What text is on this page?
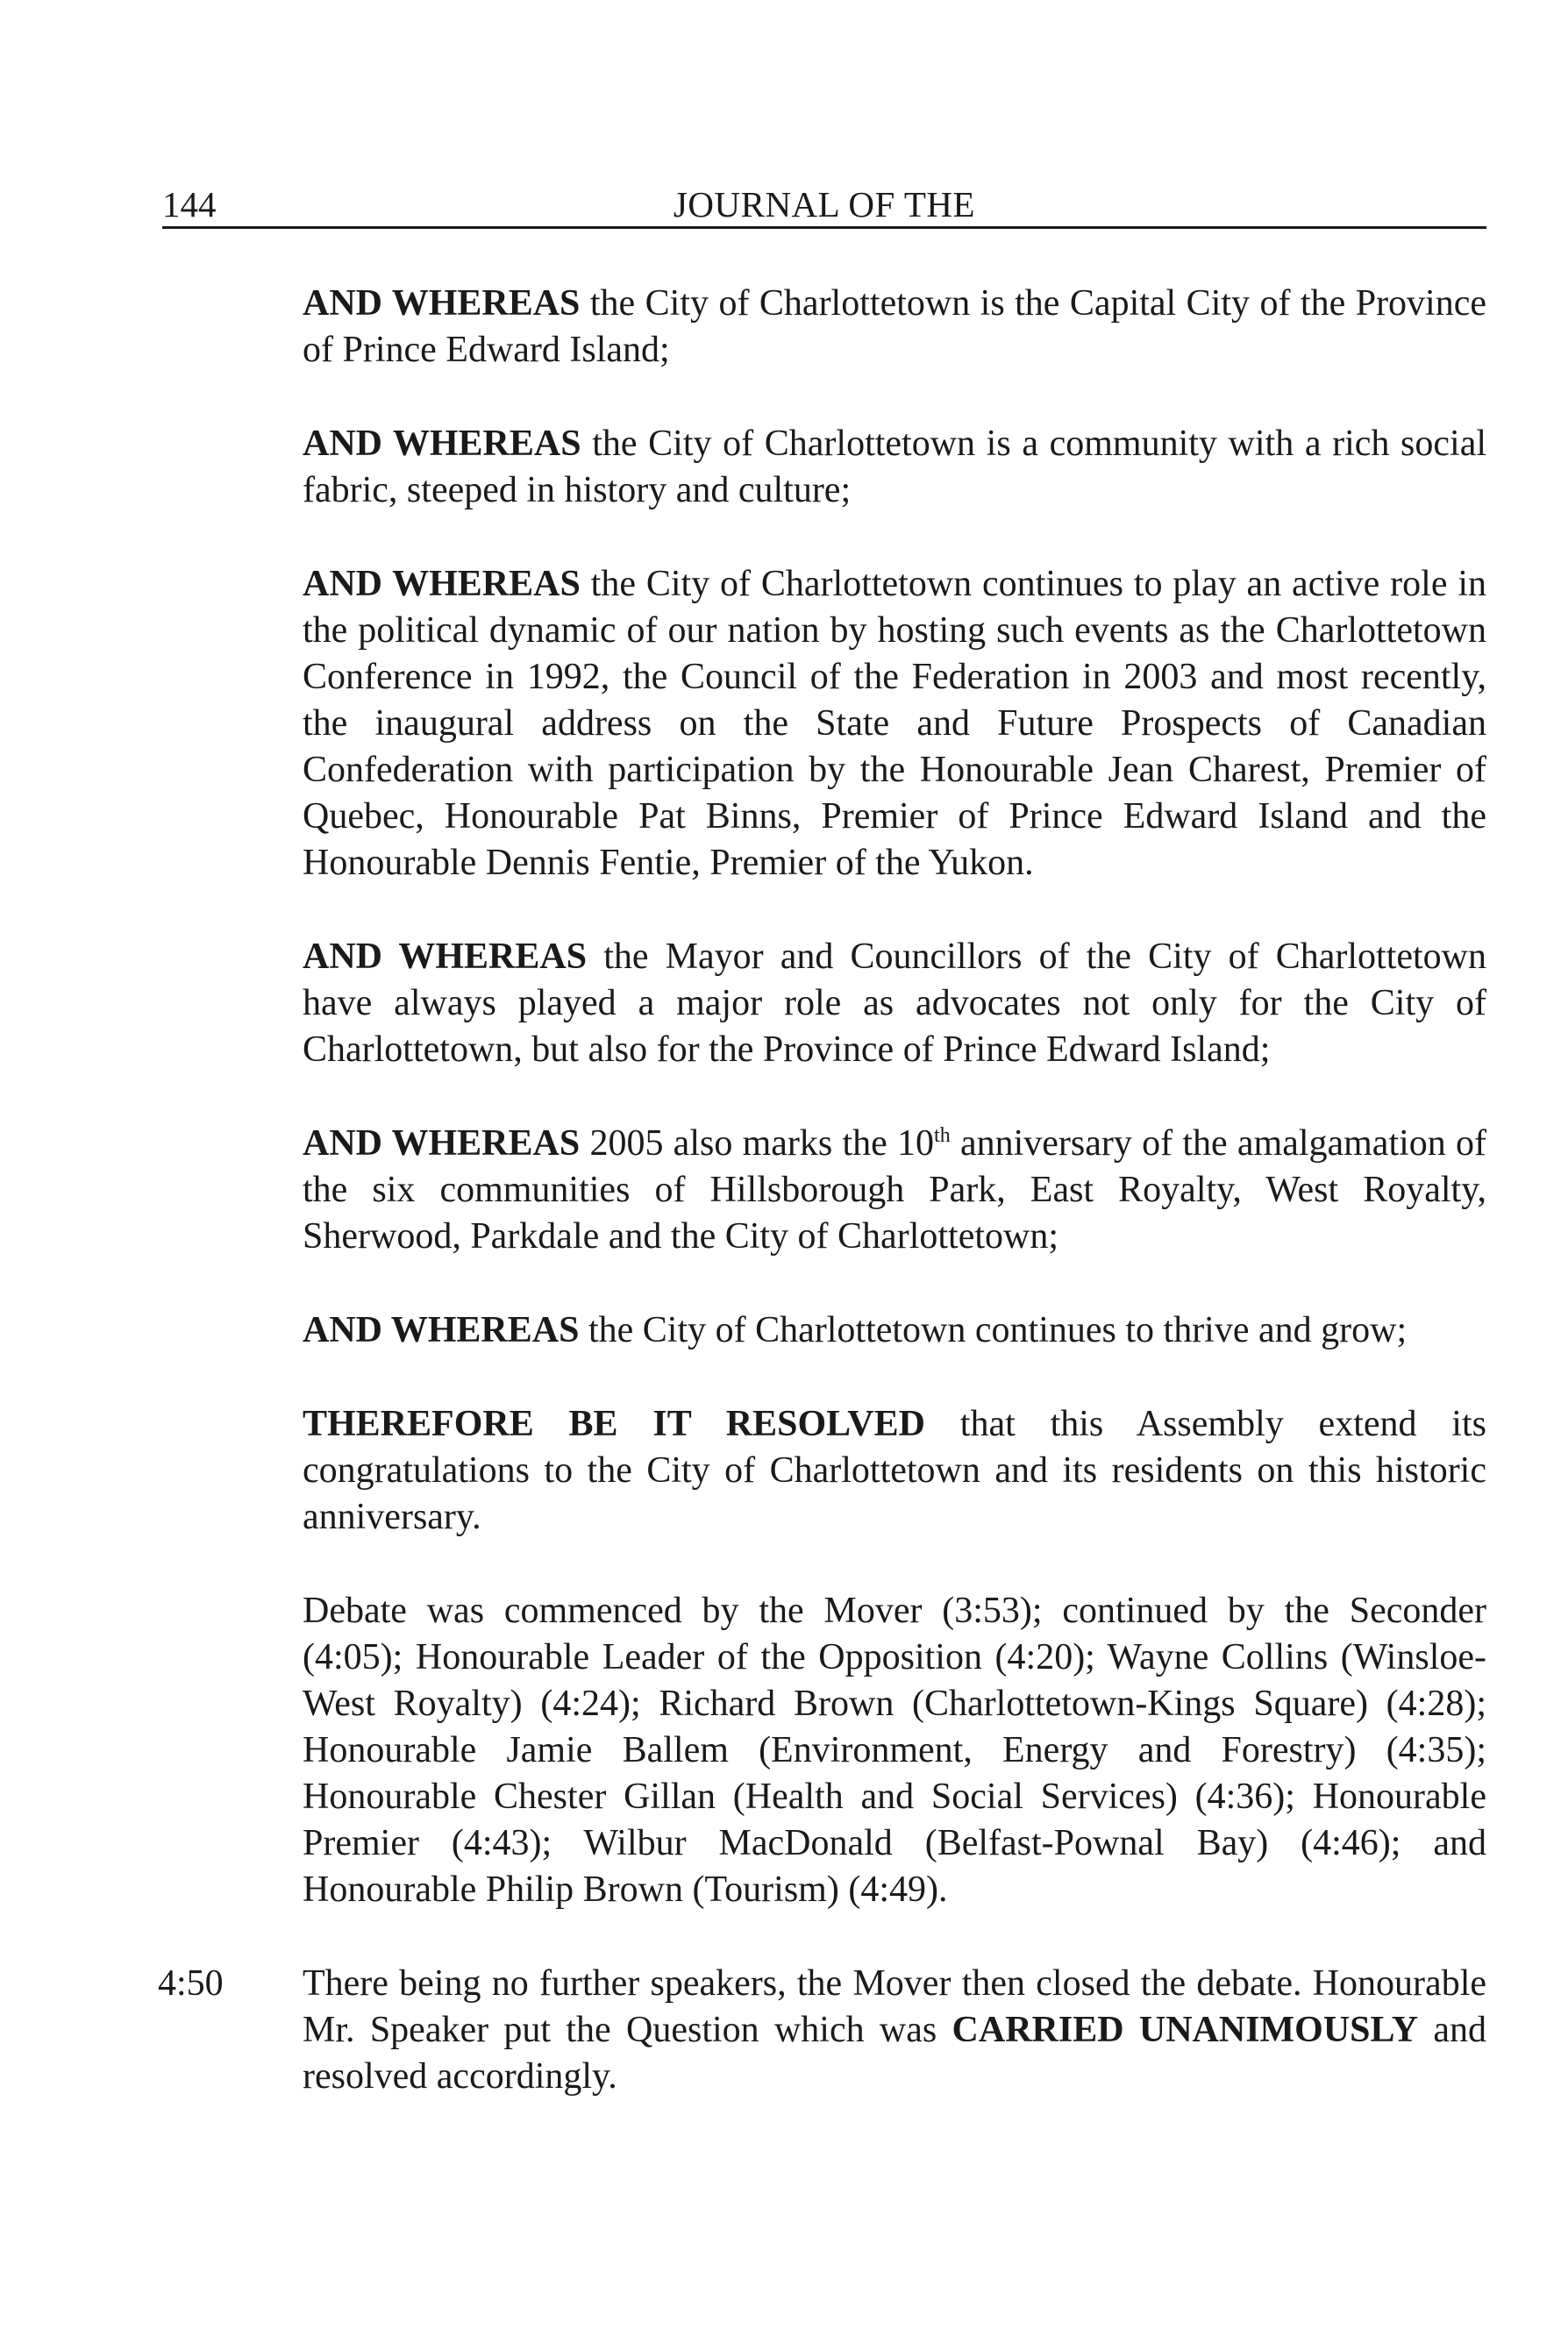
144	JOURNAL OF THE

AND WHEREAS the City of Charlottetown is the Capital City of the Province of Prince Edward Island;

AND WHEREAS the City of Charlottetown is a community with a rich social fabric, steeped in history and culture;

AND WHEREAS the City of Charlottetown continues to play an active role in the political dynamic of our nation by hosting such events as the Charlottetown Conference in 1992, the Council of the Federation in 2003 and most recently, the inaugural address on the State and Future Prospects of Canadian Confederation with participation by the Honourable Jean Charest, Premier of Quebec, Honourable Pat Binns, Premier of Prince Edward Island and the Honourable Dennis Fentie, Premier of the Yukon.

AND WHEREAS the Mayor and Councillors of the City of Charlottetown have always played a major role as advocates not only for the City of Charlottetown, but also for the Province of Prince Edward Island;

AND WHEREAS 2005 also marks the 10th anniversary of the amalgamation of the six communities of Hillsborough Park, East Royalty, West Royalty, Sherwood, Parkdale and the City of Charlottetown;

AND WHEREAS the City of Charlottetown continues to thrive and grow;

THEREFORE BE IT RESOLVED that this Assembly extend its congratulations to the City of Charlottetown and its residents on this historic anniversary.

Debate was commenced by the Mover (3:53); continued by the Seconder (4:05); Honourable Leader of the Opposition (4:20); Wayne Collins (Winsloe-West Royalty) (4:24); Richard Brown (Charlottetown-Kings Square) (4:28); Honourable Jamie Ballem (Environment, Energy and Forestry) (4:35); Honourable Chester Gillan (Health and Social Services) (4:36); Honourable Premier (4:43); Wilbur MacDonald (Belfast-Pownal Bay) (4:46); and Honourable Philip Brown (Tourism) (4:49).

4:50 There being no further speakers, the Mover then closed the debate. Honourable Mr. Speaker put the Question which was CARRIED UNANIMOUSLY and resolved accordingly.
